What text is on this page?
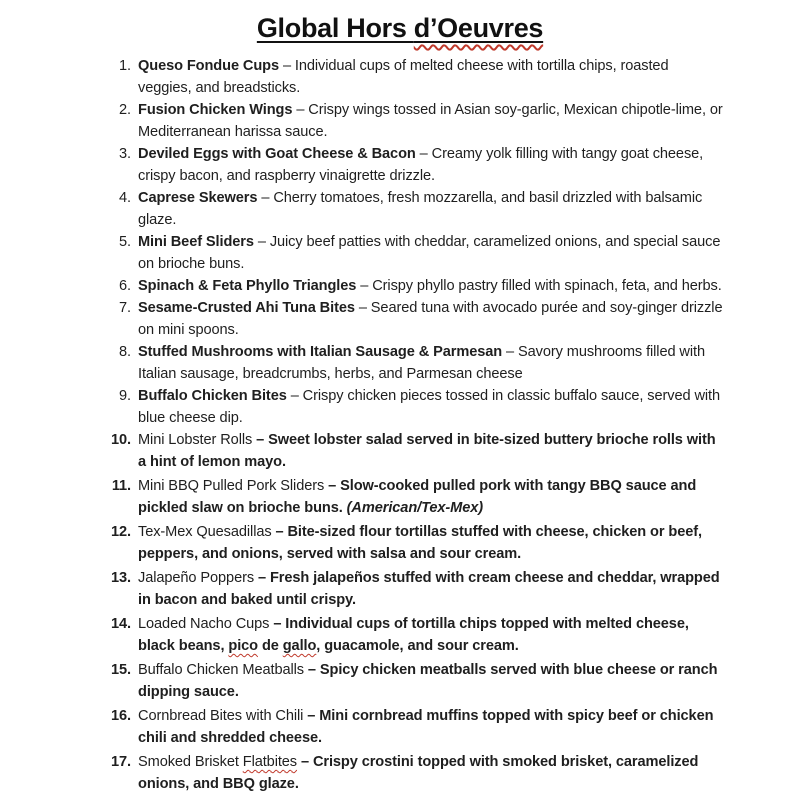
Global Hors d’Oeuvres
1. Queso Fondue Cups – Individual cups of melted cheese with tortilla chips, roasted veggies, and breadsticks.
2. Fusion Chicken Wings – Crispy wings tossed in Asian soy-garlic, Mexican chipotle-lime, or Mediterranean harissa sauce.
3. Deviled Eggs with Goat Cheese & Bacon – Creamy yolk filling with tangy goat cheese, crispy bacon, and raspberry vinaigrette drizzle.
4. Caprese Skewers – Cherry tomatoes, fresh mozzarella, and basil drizzled with balsamic glaze.
5. Mini Beef Sliders – Juicy beef patties with cheddar, caramelized onions, and special sauce on brioche buns.
6. Spinach & Feta Phyllo Triangles – Crispy phyllo pastry filled with spinach, feta, and herbs.
7. Sesame-Crusted Ahi Tuna Bites – Seared tuna with avocado purée and soy-ginger drizzle on mini spoons.
8. Stuffed Mushrooms with Italian Sausage & Parmesan – Savory mushrooms filled with Italian sausage, breadcrumbs, herbs, and Parmesan cheese
9. Buffalo Chicken Bites – Crispy chicken pieces tossed in classic buffalo sauce, served with blue cheese dip.
10. Mini Lobster Rolls – Sweet lobster salad served in bite-sized buttery brioche rolls with a hint of lemon mayo.
11. Mini BBQ Pulled Pork Sliders – Slow-cooked pulled pork with tangy BBQ sauce and pickled slaw on brioche buns. (American/Tex-Mex)
12. Tex-Mex Quesadillas – Bite-sized flour tortillas stuffed with cheese, chicken or beef, peppers, and onions, served with salsa and sour cream.
13. Jalapeño Poppers – Fresh jalapeños stuffed with cream cheese and cheddar, wrapped in bacon and baked until crispy.
14. Loaded Nacho Cups – Individual cups of tortilla chips topped with melted cheese, black beans, pico de gallo, guacamole, and sour cream.
15. Buffalo Chicken Meatballs – Spicy chicken meatballs served with blue cheese or ranch dipping sauce.
16. Cornbread Bites with Chili – Mini cornbread muffins topped with spicy beef or chicken chili and shredded cheese.
17. Smoked Brisket Flatbites – Crispy crostini topped with smoked brisket, caramelized onions, and BBQ glaze.
